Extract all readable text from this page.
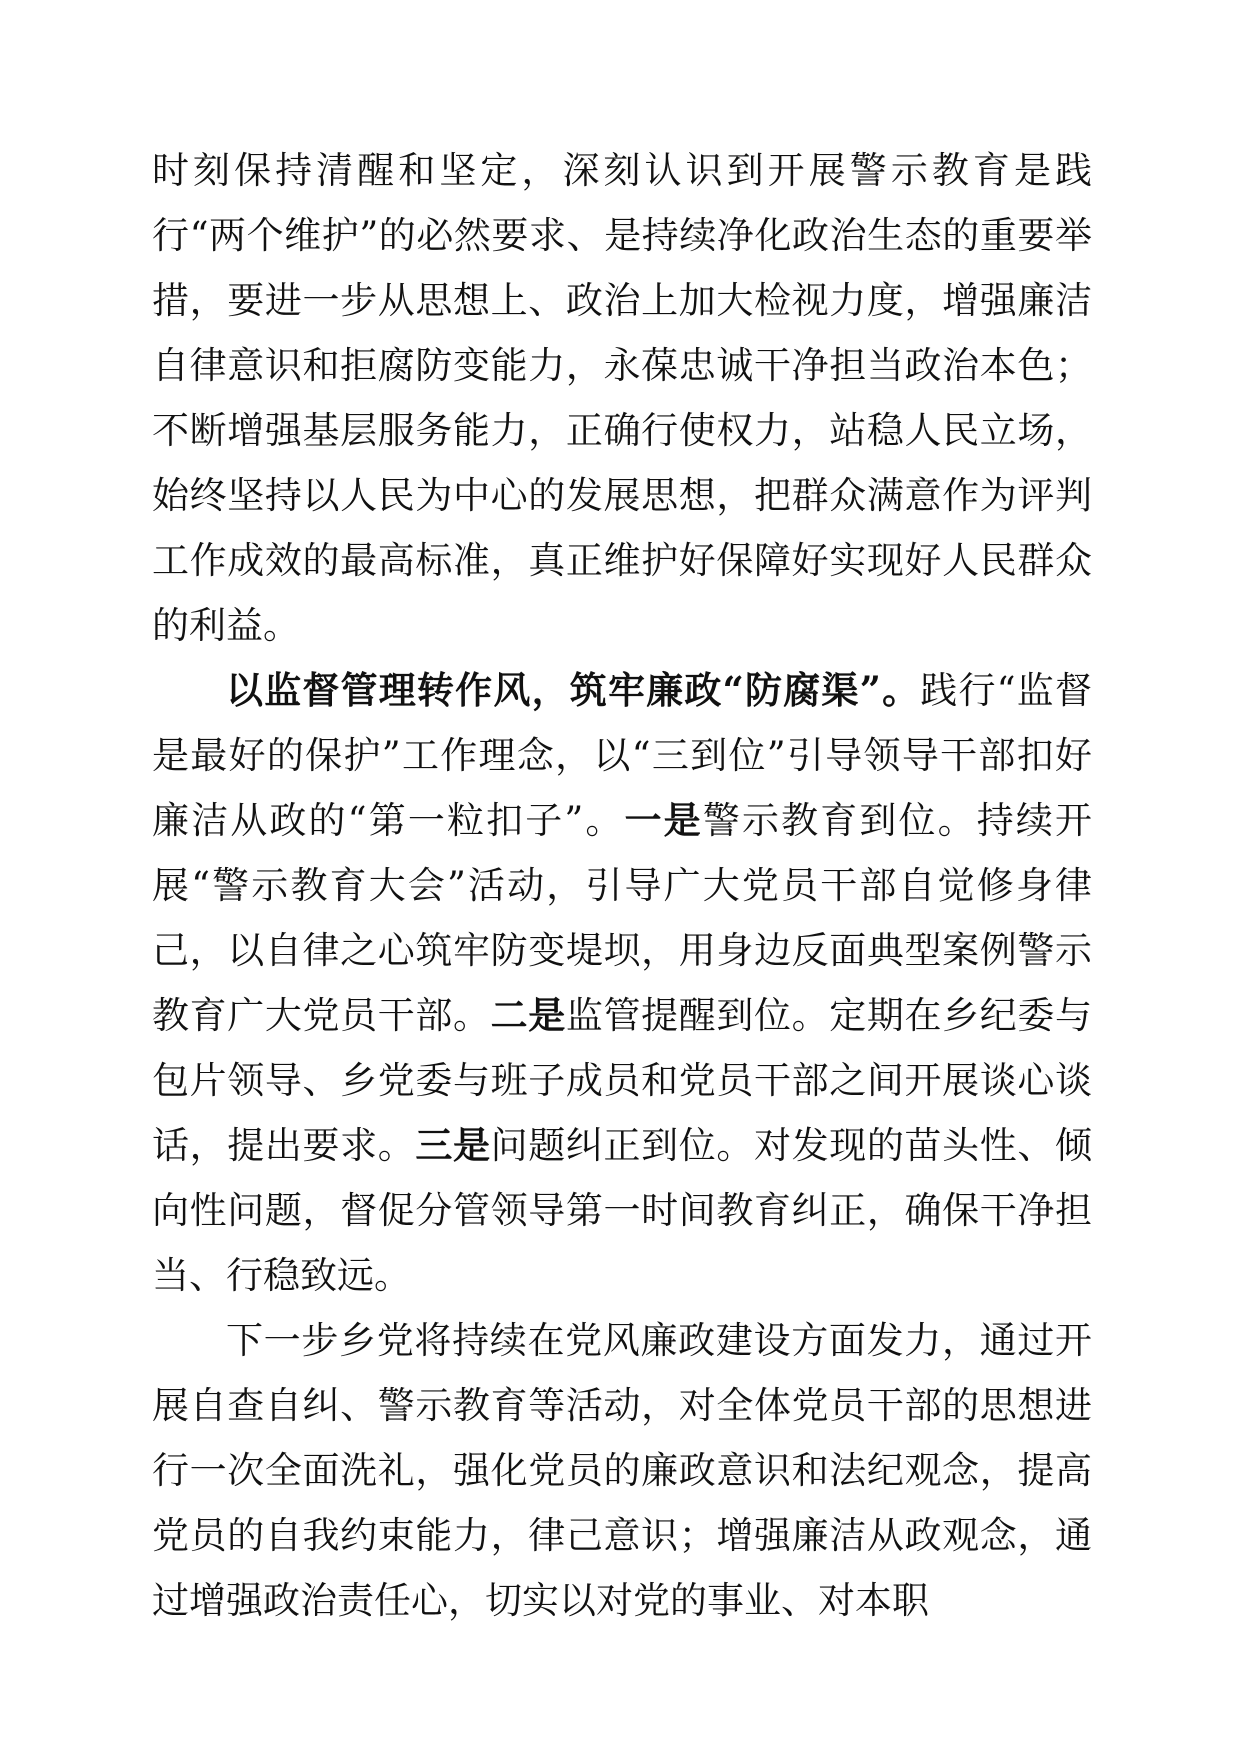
时刻保持清醒和坚定，深刻认识到开展警示教育是践行“两个维护”的必然要求、是持续净化政治生态的重要举措，要进一步从思想上、政治上加大检视力度，增强廉洁自律意识和拒腐防变能力，永葆忠诚干净担当政治本色；不断增强基层服务能力，正确行使权力，站稳人民立场，始终坚持以人民为中心的发展思想，把群众满意作为评判工作成效的最高标准，真正维护好保障好实现好人民群众的利益。

以监督管理转作风，筑牢廉政“防腐渠”。践行“监督是最好的保护”工作理念，以“三到位”引导领导干部扣好廉洁从政的“第一粒扣子”。一是警示教育到位。持续开展“警示教育大会”活动，引导广大党员干部自觉修身律己，以自律之心筑牢防变堤坝，用身边反面典型案例警示教育广大党员干部。二是监管提醒到位。定期在乡纪委与包片领导、乡党委与班子成员和党员干部之间开展谈心谈话，提出要求。三是问题纠正到位。对发现的苗头性、倾向性问题，督促分管领导第一时间教育纠正，确保干净担当、行稳致远。

下一步乡党将持续在党风廉政建设方面发力，通过开展自查自纠、警示教育等活动，对全体党员干部的思想进行一次全面洗礼，强化党员的廉政意识和法纪观念，提高党员的自我约束能力，律己意识；增强廉洁从政观念，通过增强政治责任心，切实以对党的事业、对本职
